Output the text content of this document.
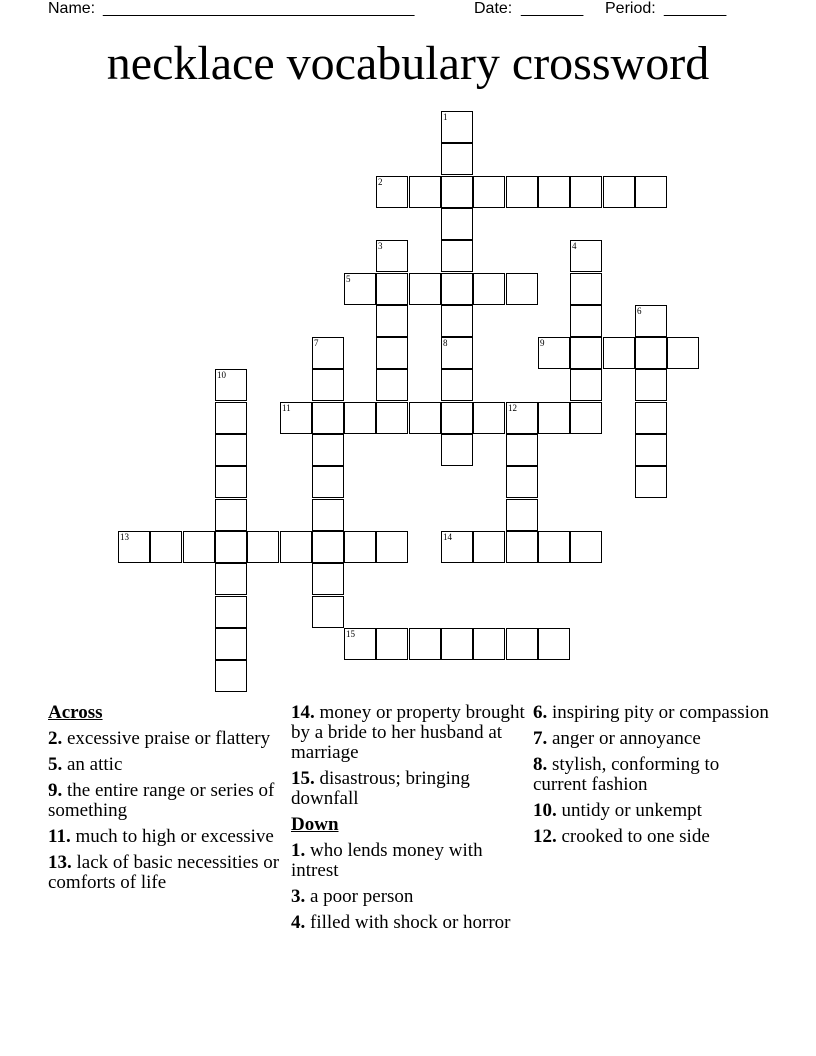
Name: ___________________________________	Date: _______ Period: _______
necklace vocabulary crossword
1
2
3	4
5
6
7	8	9
10
11	12
13	14
15
Across
2. excessive praise or flattery
5. an attic
9. the entire range or series of something
11. much to high or excessive
13. lack of basic necessities or comforts of life
14. money or property brought by a bride to her husband at marriage
15. disastrous; bringing downfall
Down
1. who lends money with intrest
3. a poor person
4. filled with shock or horror
6. inspiring pity or compassion
7. anger or annoyance
8. stylish, conforming to current fashion
10. untidy or unkempt
12. crooked to one side
